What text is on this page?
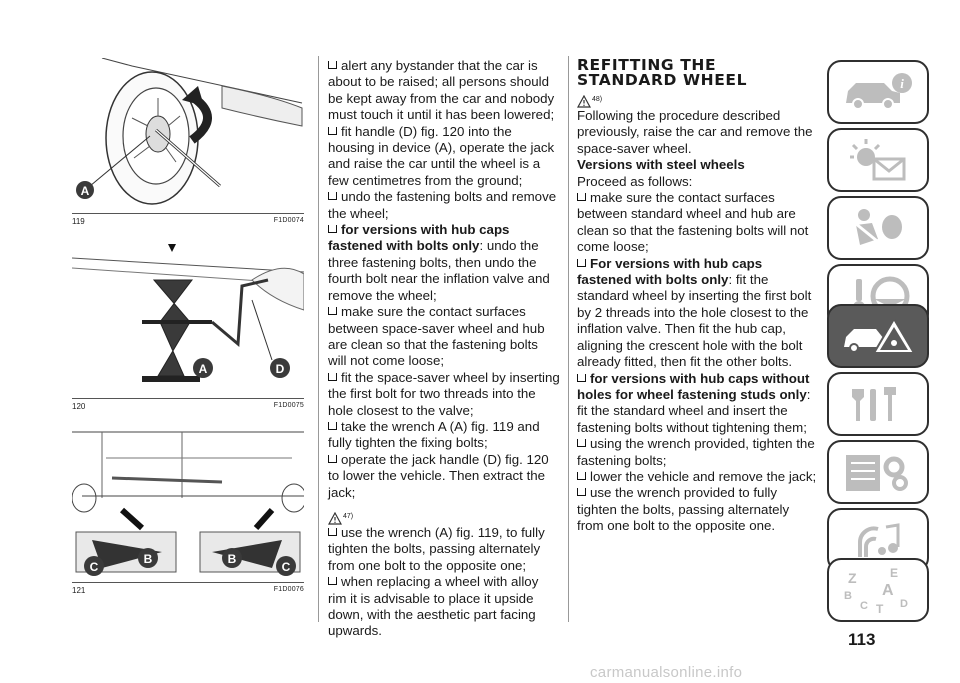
A
119	F1D0074
A	D
120	F1D0075
C
B	B
C
121	F1D0076

alert any bystander that the car is about to be raised; all persons should be kept away from the car and nobody must touch it until it has been lowered;

fit handle (D) fig. 120 into the housing in device (A), operate the jack and raise the car until the wheel is a few centimetres from the ground;

undo the fastening bolts and remove the wheel;

for versions with hub caps fastened with bolts only: undo the three fastening bolts, then undo the fourth bolt near the inflation valve and remove the wheel;

make sure the contact surfaces between space-saver wheel and hub are clean so that the fastening bolts will not come loose;

fit the space-saver wheel by inserting the first bolt for two threads into the hole closest to the valve;

take the wrench A (A) fig. 119 and fully tighten the fixing bolts;

operate the jack handle (D) fig. 120 to lower the vehicle. Then extract the jack;

47)

use the wrench (A) fig. 119, to fully tighten the bolts, passing alternately from one bolt to the opposite one;

when replacing a wheel with alloy rim it is advisable to place it upside down, with the aesthetic part facing upwards.

REFITTING THE
STANDARD WHEEL

48)

Following the procedure described previously, raise the car and remove the space-saver wheel.

Versions with steel wheels

Proceed as follows:

make sure the contact surfaces between standard wheel and hub are clean so that the fastening bolts will not come loose;

For versions with hub caps fastened with bolts only: fit the standard wheel by inserting the first bolt by 2 threads into the hole closest to the inflation valve. Then fit the hub cap, aligning the crescent hole with the bolt already fitted, then fit the other bolts.

for versions with hub caps without holes for wheel fastening studs only: fit the standard wheel and insert the fastening bolts without tightening them;

using the wrench provided, tighten the fastening bolts;

lower the vehicle and remove the jack;

use the wrench provided to fully tighten the bolts, passing alternately from one bolt to the opposite one.

i
Z	E
B A
C T D
113
carmanualsonline.info
